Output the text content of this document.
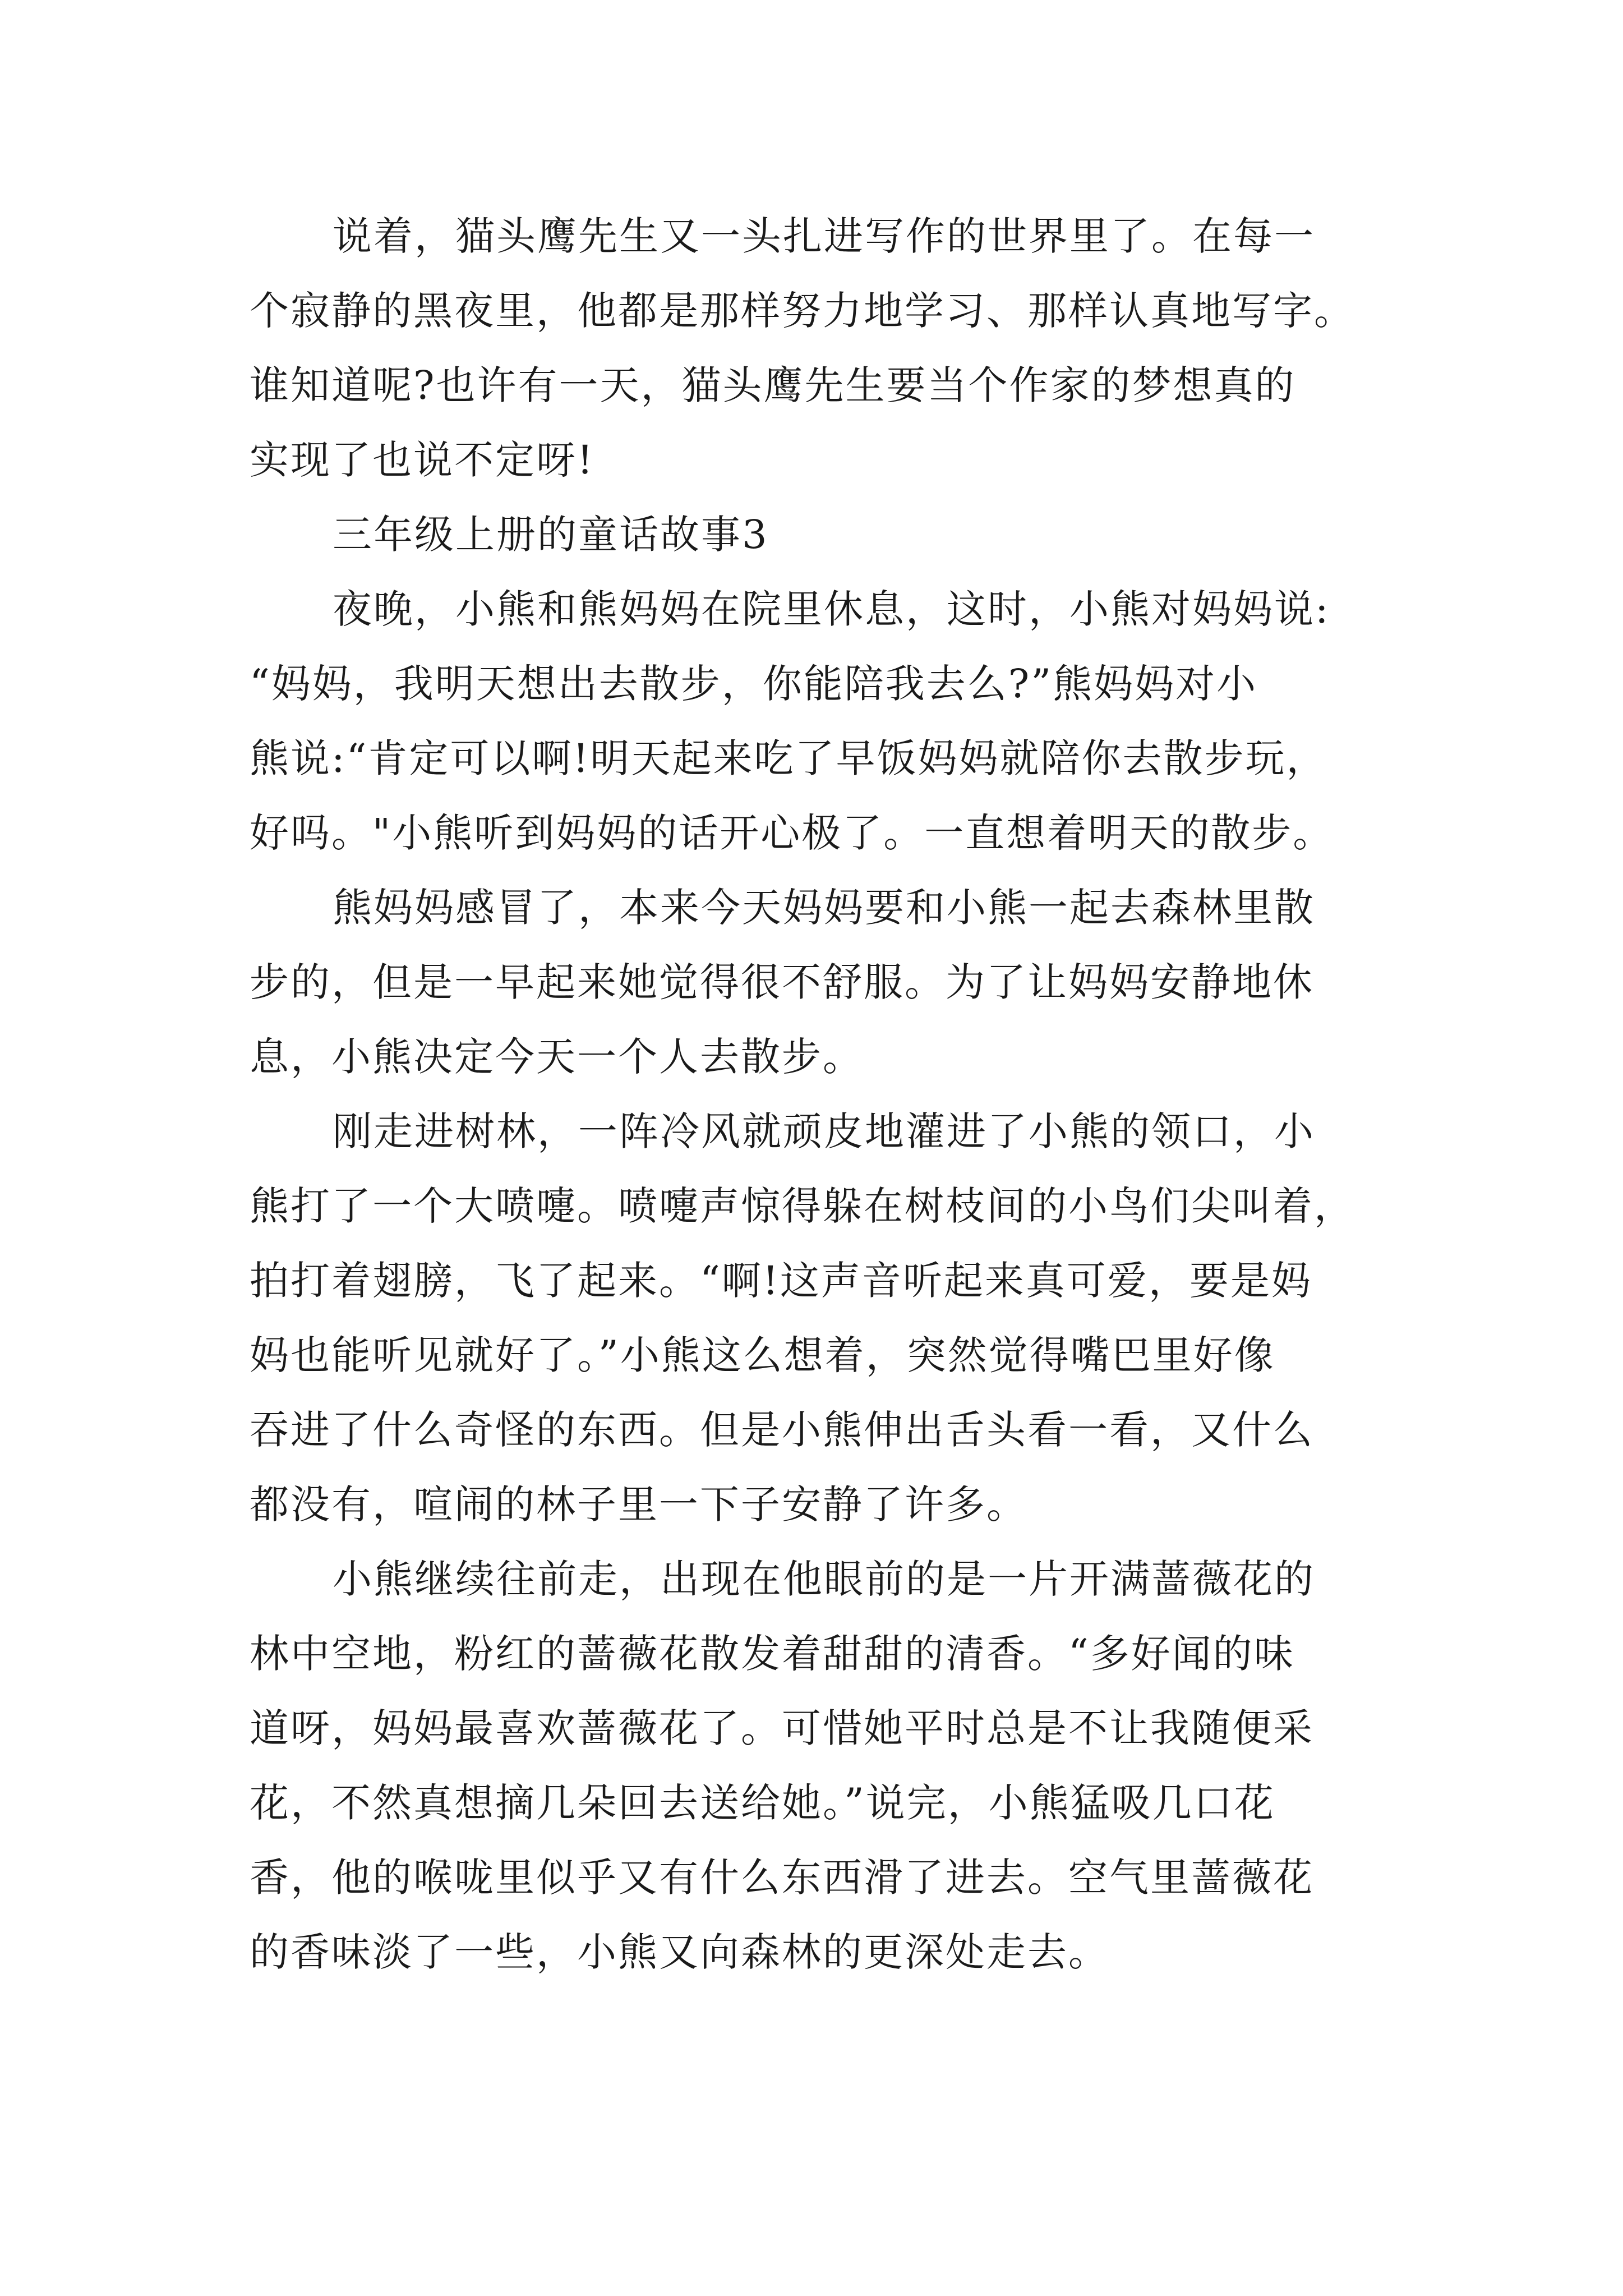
说着，猫头鹰先生又一头扎进写作的世界里了。在每一
个寂静的黑夜里，他都是那样努力地学习、那样认真地写字。
谁知道呢?也许有一天，猫头鹰先生要当个作家的梦想真的
实现了也说不定呀!
三年级上册的童话故事3
夜晚，小熊和熊妈妈在院里休息，这时，小熊对妈妈说:
“妈妈，我明天想出去散步，你能陪我去么?”熊妈妈对小
熊说:“肯定可以啊!明天起来吃了早饭妈妈就陪你去散步玩，
好吗。"小熊听到妈妈的话开心极了。一直想着明天的散步。
熊妈妈感冒了，本来今天妈妈要和小熊一起去森林里散
步的，但是一早起来她觉得很不舒服。为了让妈妈安静地休
息，小熊决定今天一个人去散步。
刚走进树林，一阵冷风就顽皮地灌进了小熊的领口，小
熊打了一个大喷嚏。喷嚏声惊得躲在树枝间的小鸟们尖叫着，
拍打着翅膀，飞了起来。“啊!这声音听起来真可爱，要是妈
妈也能听见就好了。”小熊这么想着，突然觉得嘴巴里好像
吞进了什么奇怪的东西。但是小熊伸出舌头看一看，又什么
都没有，喧闹的林子里一下子安静了许多。
小熊继续往前走，出现在他眼前的是一片开满蔷薇花的
林中空地，粉红的蔷薇花散发着甜甜的清香。“多好闻的味
道呀，妈妈最喜欢蔷薇花了。可惜她平时总是不让我随便采
花，不然真想摘几朵回去送给她。”说完，小熊猛吸几口花
香，他的喉咙里似乎又有什么东西滑了进去。空气里蔷薇花
的香味淡了一些，小熊又向森林的更深处走去。
